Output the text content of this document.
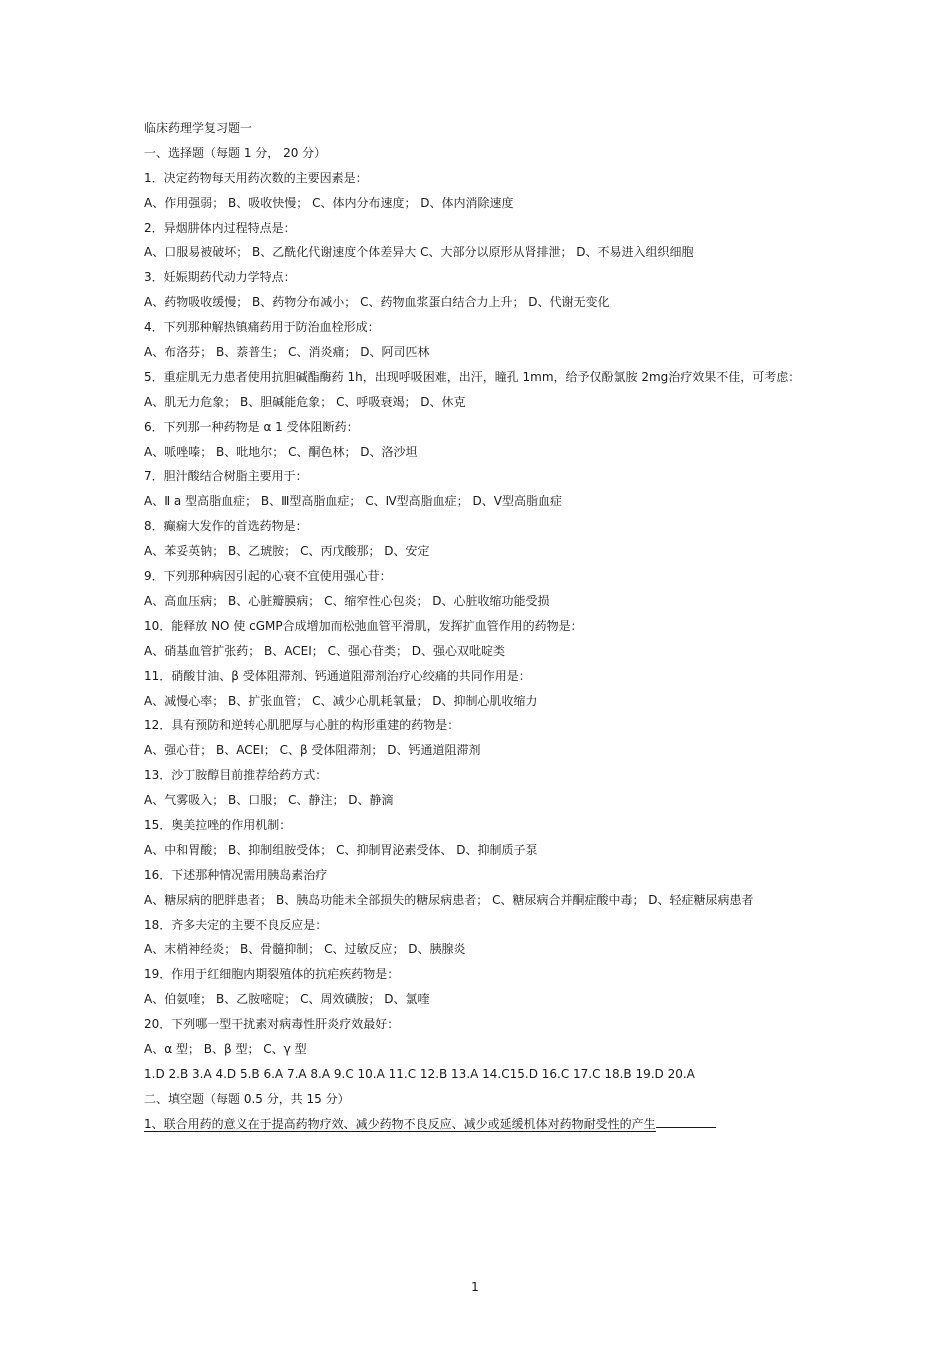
临床药理学复习题一
一、选择题（每题 1 分， 20 分）
1．决定药物每天用药次数的主要因素是：
A、作用强弱； B、吸收快慢； C、体内分布速度； D、体内消除速度
2．异烟肼体内过程特点是：
A、口服易被破坏； B、乙酰化代谢速度个体差异大 C、大部分以原形从肾排泄； D、不易进入组织细胞
3．妊娠期药代动力学特点：
A、药物吸收缓慢； B、药物分布减小； C、药物血浆蛋白结合力上升； D、代谢无变化
4．下列那种解热镇痛药用于防治血栓形成：
A、布洛芬； B、萘普生； C、消炎痛； D、阿司匹林
5．重症肌无力患者使用抗胆碱酯酶药 1h，出现呼吸困难，出汗，瞳孔 1mm，给予仅酚氯胺 2mg治疗效果不佳，可考虑：
A、肌无力危象； B、胆碱能危象； C、呼吸衰竭； D、休克
6．下列那一种药物是 α 1 受体阻断药：
A、哌唑嗪； B、吡地尔； C、酮色林； D、洛沙坦
7．胆汁酸结合树脂主要用于：
A、Ⅱ a 型高脂血症； B、Ⅲ型高脂血症； C、Ⅳ型高脂血症； D、Ⅴ型高脂血症
8．癫痫大发作的首选药物是：
A、苯妥英钠； B、乙琥胺； C、丙戊酸那； D、安定
9．下列那种病因引起的心衰不宜使用强心苷：
A、高血压病； B、心脏瓣膜病； C、缩窄性心包炎； D、心脏收缩功能受损
10．能释放 NO 使 cGMP合成增加而松弛血管平滑肌，发挥扩血管作用的药物是：
A、硝基血管扩张药； B、ACEI； C、强心苷类； D、强心双吡啶类
11．硝酸甘油、β 受体阻滞剂、钙通道阻滞剂治疗心绞痛的共同作用是：
A、减慢心率； B、扩张血管； C、减少心肌耗氧量； D、抑制心肌收缩力
12．具有预防和逆转心肌肥厚与心脏的构形重建的药物是：
A、强心苷； B、ACEI； C、β 受体阻滞剂； D、钙通道阻滞剂
13．沙丁胺醇目前推荐给药方式：
A、气雾吸入； B、口服； C、静注； D、静滴
15．奥美拉唑的作用机制：
A、中和胃酸； B、抑制组胺受体； C、抑制胃泌素受体、 D、抑制质子泵
16．下述那种情况需用胰岛素治疗
A、糖尿病的肥胖患者； B、胰岛功能未全部损失的糖尿病患者； C、糖尿病合并酮症酸中毒； D、轻症糖尿病患者
18．齐多夫定的主要不良反应是：
A、末梢神经炎； B、骨髓抑制； C、过敏反应； D、胰腺炎
19．作用于红细胞内期裂殖体的抗疟疾药物是：
A、伯氨喹； B、乙胺嘧啶； C、周效磺胺； D、氯喹
20．下列哪一型干扰素对病毒性肝炎疗效最好：
A、α 型； B、β 型； C、γ 型
1.D 2.B 3.A 4.D 5.B 6.A 7.A 8.A 9.C 10.A 11.C 12.B 13.A 14.C15.D 16.C 17.C 18.B 19.D 20.A
二、填空题（每题 0.5 分，共 15 分）
1、联合用药的意义在于提高药物疗效、减少药物不良反应、减少或延缓机体对药物耐受性的产生
1
